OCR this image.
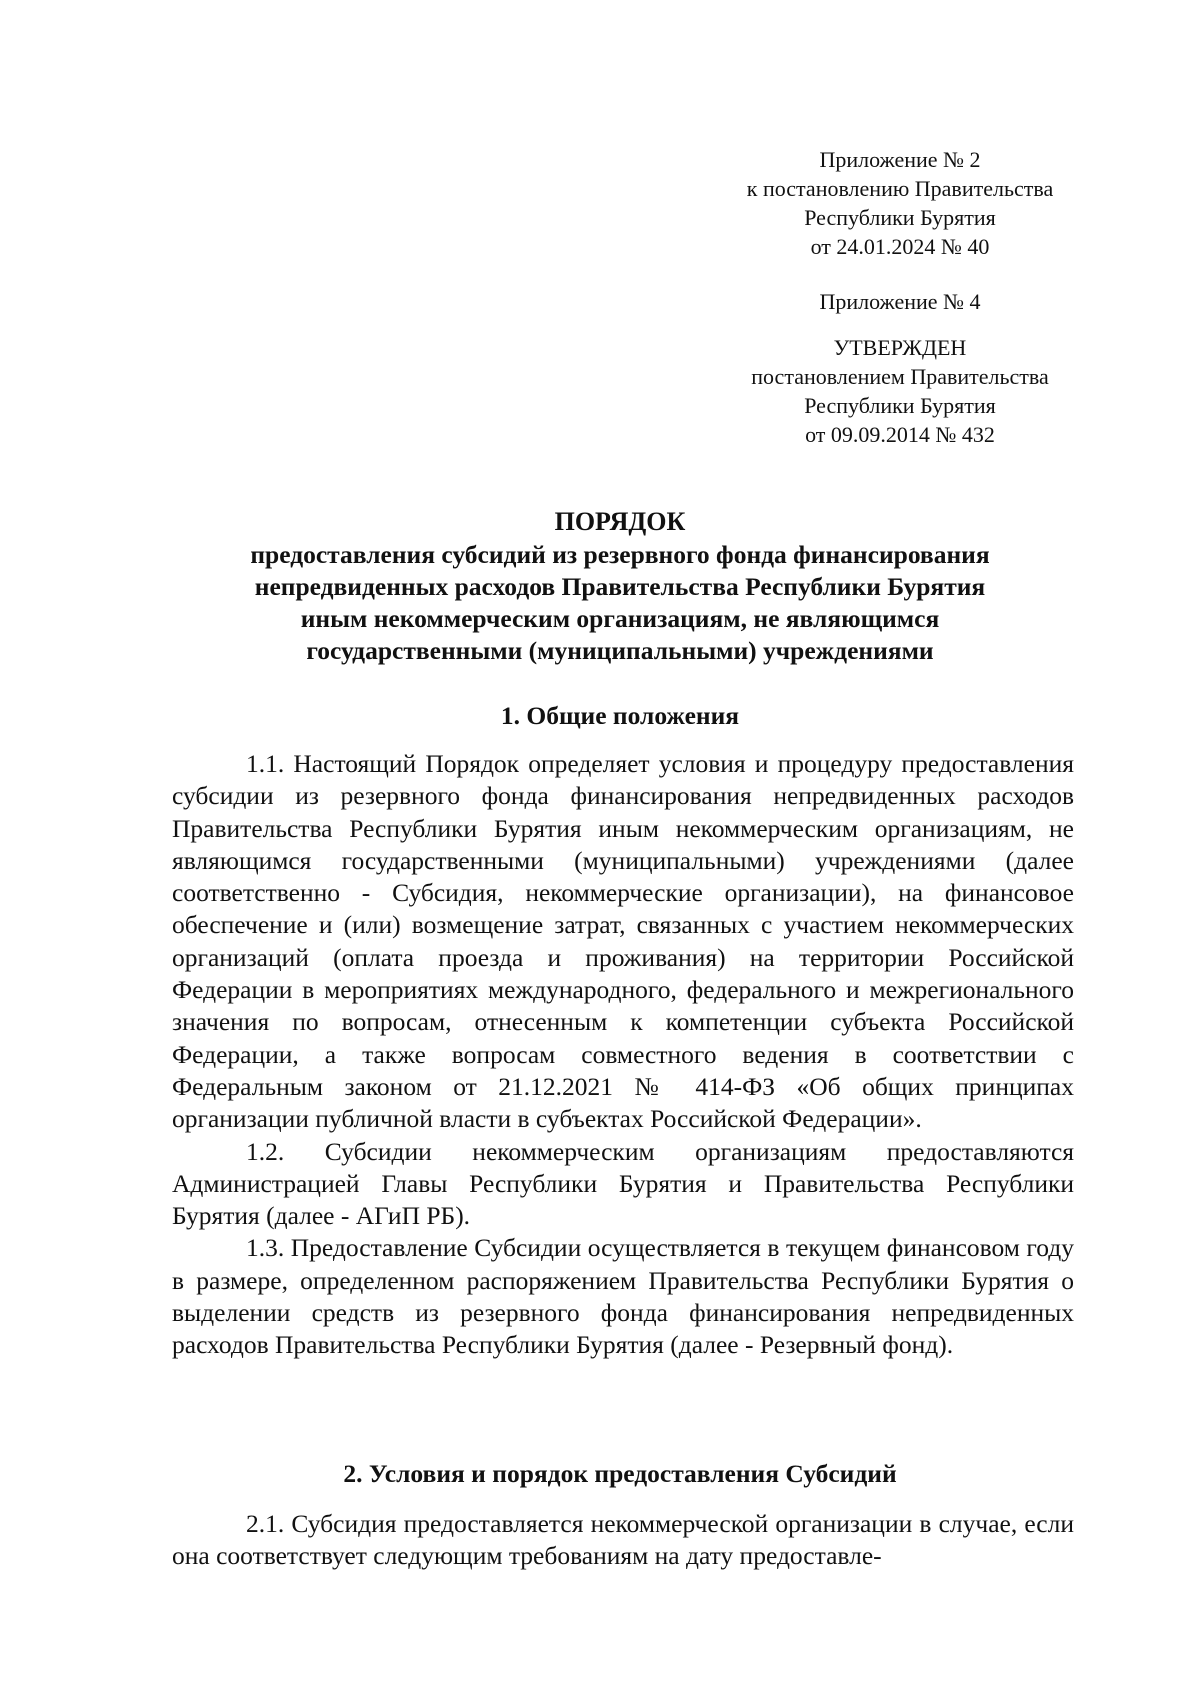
Приложение № 2
к постановлению Правительства
Республики Бурятия
от 24.01.2024 № 40
Приложение № 4
УТВЕРЖДЕН
постановлением Правительства
Республики Бурятия
от 09.09.2014 № 432
ПОРЯДОК
предоставления субсидий из резервного фонда финансирования
непредвиденных расходов Правительства Республики Бурятия
иным некоммерческим организациям, не являющимся
государственными (муниципальными) учреждениями
1. Общие положения

1.1. Настоящий Порядок определяет условия и процедуру предоставления субсидии из резервного фонда финансирования непредвиденных расходов Правительства Республики Бурятия иным некоммерческим организациям, не являющимся государственными (муниципальными) учреждениями (далее соответственно - Субсидия, некоммерческие организации), на финансовое обеспечение и (или) возмещение затрат, связанных с участием некоммерческих организаций (оплата проезда и проживания) на территории Российской Федерации в мероприятиях международного, федерального и межрегионального значения по вопросам, отнесенным к компетенции субъекта Российской Федерации, а также вопросам совместного ведения в соответствии с Федеральным законом от 21.12.2021 № 414-ФЗ «Об общих принципах организации публичной власти в субъектах Российской Федерации».

1.2. Субсидии некоммерческим организациям предоставляются Администрацией Главы Республики Бурятия и Правительства Республики Бурятия (далее - АГиП РБ).

1.3. Предоставление Субсидии осуществляется в текущем финансовом году в размере, определенном распоряжением Правительства Республики Бурятия о выделении средств из резервного фонда финансирования непредвиденных расходов Правительства Республики Бурятия (далее - Резервный фонд).

2. Условия и порядок предоставления Субсидий

2.1. Субсидия предоставляется некоммерческой организации в случае, если она соответствует следующим требованиям на дату предоставле-
